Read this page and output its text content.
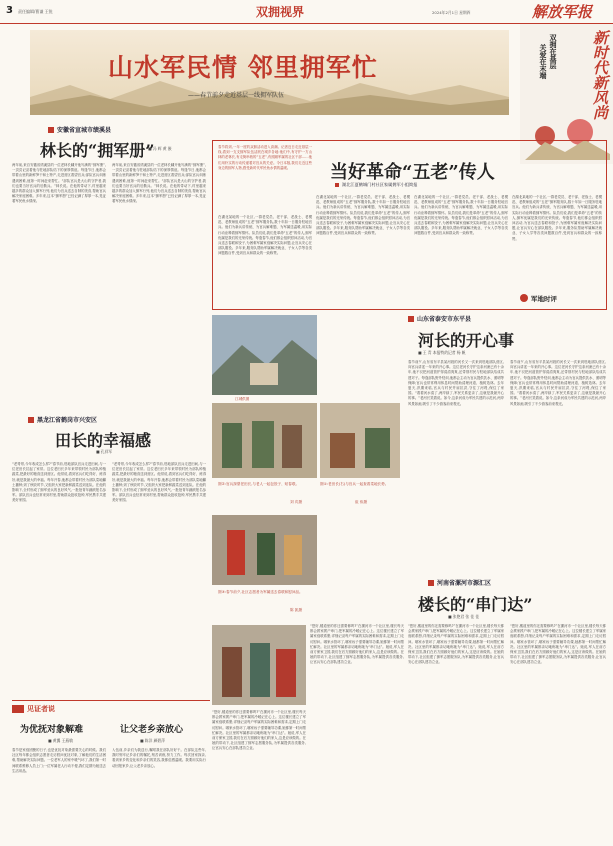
3 责任编辑/曹谦 王锐	双拥视界	2024年2月1日 星期四	解放军报
山水军民情 邻里拥军忙
——春节前夕走近基层一线拥军队伍	新时代新风尚
双拥在基层
关爱在末端
安徽省宣城市绩溪县
林长的“拥军册”
■ 冯 辉 黄 嵌
两年前,来自安徽省绩溪县的一位老林长翻开他写满的“拥军册”,一页页记录着他与驻地部队结下的深厚情谊。每逢节日,他都会带着山里的新鲜笋干和土特产,走进营区看望官兵;部队官兵训练遇到困难,他第一时间赶来帮忙。“部队官兵是大山的守护者,我们也要当好官兵的后勤兵。”林长说。在他的带动下,村里越来越多的群众加入拥军行列,他们为官兵送去自制的美食,帮助官兵解决家庭困难。多年来,这本“拥军册”已经记满了厚厚一本,见证着军民鱼水情深。
两年前,来自安徽省绩溪县的一位老林长翻开他写满的“拥军册”,一页页记录着他与驻地部队结下的深厚情谊。每逢节日,他都会带着山里的新鲜笋干和土特产,走进营区看望官兵;部队官兵训练遇到困难,他第一时间赶来帮忙。“部队官兵是大山的守护者,我们也要当好官兵的后勤兵。”林长说。在他的带动下,村里越来越多的群众加入拥军行列,他们为官兵送去自制的美食,帮助官兵解决家庭困难。多年来,这本“拥军册”已经记满了厚厚一本,见证着军民鱼水情深。
春节将到,一年一度的双拥活动进入高潮。记者近日走近基层一线,看到一支支拥军队伍活跃在城乡各地:他们中,有守护一方山林的老林长,有走街串巷的“五老”,有照顾军属的社区干部……他们用朴实的行动传递着对官兵的关爱。今日本版,我们走近这些身边的拥军人物,感受新时代军民鱼水情的温暖。	当好革命“五老”传人
湖北江夏鹤城门村社区家属拥军小组简报
在湖北某地的一个社区,一群老党员、老干部、老战士、老模范、老教师组成的“五老”拥军服务队,数十年如一日服务驻地官兵。他们为新兵讲传统、为官兵解难题、为军属送温暖,用实际行动诠释着拥军情怀。队员们说,我们是革命“五老”的传人,拥军优属是我们的光荣传统。每逢春节,他们都会组织慰问活动,为官兵送去春联和饺子,为困难军属家庭解决实际问题,让官兵安心在部队服役。多年来,服务队帮助军属解决就业、子女入学等各类问题数百件,受到官兵和群众的一致称赞。
在湖北某地的一个社区,一群老党员、老干部、老战士、老模范、老教师组成的“五老”拥军服务队,数十年如一日服务驻地官兵。他们为新兵讲传统、为官兵解难题、为军属送温暖,用实际行动诠释着拥军情怀。队员们说,我们是革命“五老”的传人,拥军优属是我们的光荣传统。每逢春节,他们都会组织慰问活动,为官兵送去春联和饺子,为困难军属家庭解决实际问题,让官兵安心在部队服役。多年来,服务队帮助军属解决就业、子女入学等各类问题数百件,受到官兵和群众的一致称赞。
在湖北某地的一个社区,一群老党员、老干部、老战士、老模范、老教师组成的“五老”拥军服务队,数十年如一日服务驻地官兵。他们为新兵讲传统、为官兵解难题、为军属送温暖,用实际行动诠释着拥军情怀。队员们说,我们是革命“五老”的传人,拥军优属是我们的光荣传统。每逢春节,他们都会组织慰问活动,为官兵送去春联和饺子,为困难军属家庭解决实际问题,让官兵安心在部队服役。多年来,服务队帮助军属解决就业、子女入学等各类问题数百件,受到官兵和群众的一致称赞。
在湖北某地的一个社区,一群老党员、老干部、老战士、老模范、老教师组成的“五老”拥军服务队,数十年如一日服务驻地官兵。他们为新兵讲传统、为官兵解难题、为军属送温暖,用实际行动诠释着拥军情怀。队员们说,我们是革命“五老”的传人,拥军优属是我们的光荣传统。每逢春节,他们都会组织慰问活动,为官兵送去春联和饺子,为困难军属家庭解决实际问题,让官兵安心在部队服役。多年来,服务队帮助军属解决就业、子女入学等各类问题数百件,受到官兵和群众的一致称赞。
军地时评
黑龙江省鹤岗市兴安区
田长的幸福感
■ 孔祥军
“老哥哥,今年收成怎么样?”春节前,驻地部队官兵走进田间,与一位老田长拉起了家常。这位老田长多年来带领村民为部队种植蔬菜,把最好的粮食送到营区。他常说,看到官兵们吃得好、练得好,就是我最大的幸福。每年开春,他都会带着村民为部队菜地翻土播种;到了秋收时节,又组织大家把新鲜蔬菜送到连队。在他的影响下,全村形成了拥军爱兵的良好风气,一批批青年踊跃报名参军。部队官兵也经常来到村里,帮助群众抢收抢种,军民携手共建美好家园。
“老哥哥,今年收成怎么样?”春节前,驻地部队官兵走进田间,与一位老田长拉起了家常。这位老田长多年来带领村民为部队种植蔬菜,把最好的粮食送到营区。他常说,看到官兵们吃得好、练得好,就是我最大的幸福。每年开春,他都会带着村民为部队菜地翻土播种;到了秋收时节,又组织大家把新鲜蔬菜送到连队。在他的影响下,全村形成了拥军爱兵的良好风气,一批批青年踊跃报名参军。部队官兵也经常来到村里,帮助群众抢收抢种,军民携手共建美好家园。
江城供图
图②:官兵探望老田长,与老人一起包饺子、贴春联。
刘 宾摄
图③:春节前夕,社区志愿者为军属送去春联和慰问品。
陈 凯摄
图①:老田长(右)与官兵一起查看菜地长势。
崔 伟摄
山东省泰安市东平县
河长的开心事
■ 王 青 本报特约记者 杨 帆
春节前夕,山东省东平县某河段的河长又一次来到驻地部队营区,向官兵讲述一年来的开心事。这位老河长守护这条河流已有十余年,他不仅把河道管护得清清爽爽,还带领村民与驻地部队结成共建对子。每逢部队野外驻训,他都会主动为官兵提供饮水、照明等保障;官兵也常常利用休息时间帮助清理河道、植树造林。去年夏天,汛期来临,官兵与村民并肩抗洪,守住了河堤,保住了家园。“看着河水清了,两岸绿了,军民关系更亲了,这就是我最开心的事。”老河长笑着说。如今,这条河成为军民共建的示范河,两岸风景如画,吸引了不少游客前来观光。
春节前夕,山东省东平县某河段的河长又一次来到驻地部队营区,向官兵讲述一年来的开心事。这位老河长守护这条河流已有十余年,他不仅把河道管护得清清爽爽,还带领村民与驻地部队结成共建对子。每逢部队野外驻训,他都会主动为官兵提供饮水、照明等保障;官兵也常常利用休息时间帮助清理河道、植树造林。去年夏天,汛期来临,官兵与村民并肩抗洪,守住了河堤,保住了家园。“看着河水清了,两岸绿了,军民关系更亲了,这就是我最开心的事。”老河长笑着说。如今,这条河成为军民共建的示范河,两岸风景如画,吸引了不少游客前来观光。
河南省漯河市源汇区
楼长的“串门达”
■ 张艳君 张 佳 佳
“您好,楼道里的你还需要修吗?”在漯河市一个社区里,楼长每天都会挨家挨户串门,把军属的冷暖记在心上。这位楼长建立了军属家庭联系册,详细记录每户军属的实际困难和需求,定期上门走访慰问。哪家水管坏了,哪家孩子需要辅导功课,她都第一时间帮忙解决。社区里的军属都亲切地称她为“串门达”。她说,军人在前方保家卫国,我们在后方照顾好他们的家人,这是应该做的。在她的带动下,社区组建了拥军志愿服务队,为军属提供各类服务,让官兵安心在部队建功立业。
“您好,楼道里的你还需要修吗?”在漯河市一个社区里,楼长每天都会挨家挨户串门,把军属的冷暖记在心上。这位楼长建立了军属家庭联系册,详细记录每户军属的实际困难和需求,定期上门走访慰问。哪家水管坏了,哪家孩子需要辅导功课,她都第一时间帮忙解决。社区里的军属都亲切地称她为“串门达”。她说,军人在前方保家卫国,我们在后方照顾好他们的家人,这是应该做的。在她的带动下,社区组建了拥军志愿服务队,为军属提供各类服务,让官兵安心在部队建功立业。
“您好,楼道里的你还需要修吗?”在漯河市一个社区里,楼长每天都会挨家挨户串门,把军属的冷暖记在心上。这位楼长建立了军属家庭联系册,详细记录每户军属的实际困难和需求,定期上门走访慰问。哪家水管坏了,哪家孩子需要辅导功课,她都第一时间帮忙解决。社区里的军属都亲切地称她为“串门达”。她说,军人在前方保家卫国,我们在后方照顾好他们的家人,这是应该做的。在她的带动下,社区组建了拥军志愿服务队,为军属提供各类服务,让官兵安心在部队建功立业。
见证者说
为优抚对象解难
■ 黄翼 王燕敏
春节是家庭团聚的日子,也是优抚对象最需要关心的时候。我们社区每年都会组织志愿者走访慰问优抚对象,了解他们的生活困难,帮助解决实际问题。一位老军人的家中暖气坏了,我们第一时间联系维修人员上门;一位军属老人行动不便,我们定期为她送去生活用品。
让父老乡亲放心
■ 陈洋 颜碧萍
入伍前,乡亲们为我送行,嘱咐我在部队好好干。在部队这些年,我时刻牢记乡亲们的嘱托,刻苦训练,努力工作。每次回家探亲,看到家乡的变化和乡亲们的笑容,我都倍感温暖。我要用实际行动回报家乡,让父老乡亲放心。
“您好,楼道里的你还需要修吗?”在漯河市一个社区里,楼长每天都会挨家挨户串门,把军属的冷暖记在心上。这位楼长建立了军属家庭联系册,详细记录每户军属的实际困难和需求,定期上门走访慰问。哪家水管坏了,哪家孩子需要辅导功课,她都第一时间帮忙解决。社区里的军属都亲切地称她为“串门达”。她说,军人在前方保家卫国,我们在后方照顾好他们的家人,这是应该做的。在她的带动下,社区组建了拥军志愿服务队,为军属提供各类服务,让官兵安心在部队建功立业。
